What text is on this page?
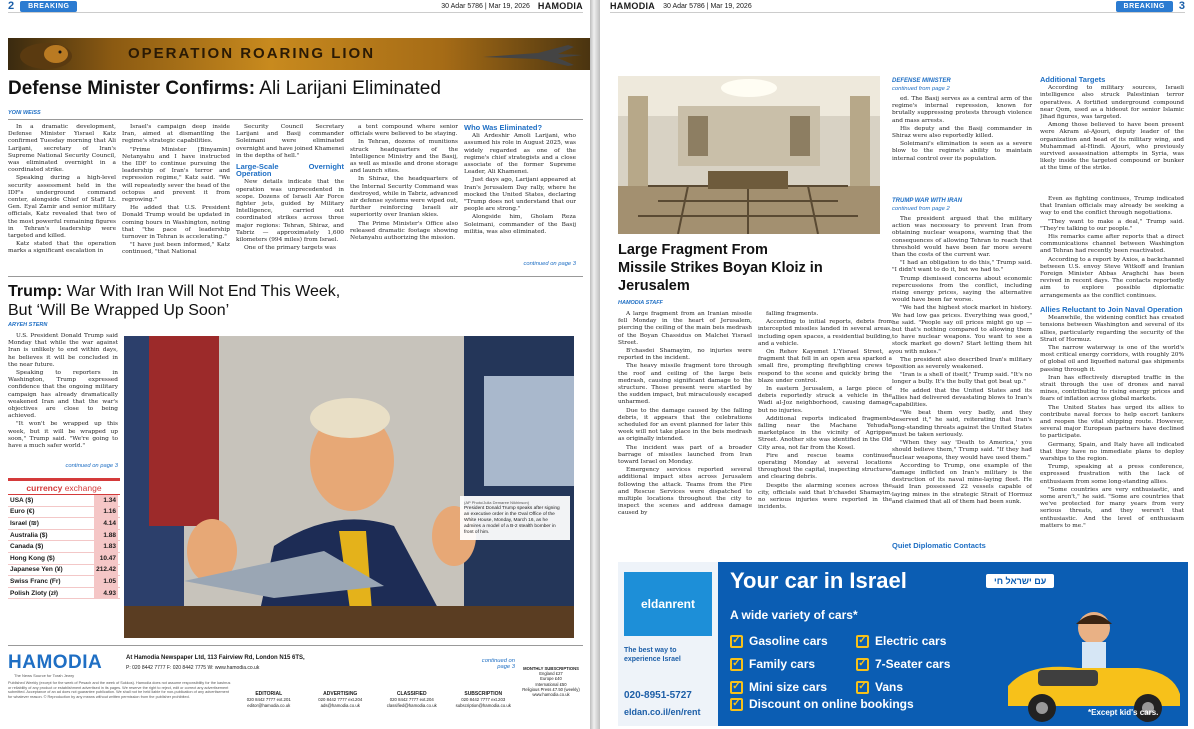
2	BREAKING	30 Adar 5786 | Mar 19, 2026 HAMODIA
OPERATION ROARING LION
Defense Minister Confirms: Ali Larijani Eliminated
YONI WEISS

In a dramatic development, Defense Minister Yisrael Katz confirmed Tuesday morning that Ali Larijani, secretary of Iran's Supreme National Security Council, was eliminated overnight in a coordinated strike.

Speaking during a high-level security assessment held in the IDF's underground command center, alongside Chief of Staff Lt. Gen. Eyal Zamir and senior military officials, Katz revealed that two of the most powerful remaining figures in Tehran's leadership were targeted and killed.

Katz stated that the operation marks a significant escalation in

Israel's campaign deep inside Iran, aimed at dismantling the regime's strategic capabilities.

"Prime Minister [Binyamin] Netanyahu and I have instructed the IDF to continue pursuing the leadership of Iran's terror and repression regime," Katz said. "We will repeatedly sever the head of the octopus and prevent it from regrowing."

He added that U.S. President Donald Trump would be updated in coming hours in Washington, noting that "the pace of leadership turnover in Tehran is accelerating."

"I have just been informed," Katz continued, "that National

Security Council Secretary Larijani and Basij commander Soleimani were eliminated overnight and have joined Khamenei in the depths of hell."

Large-Scale Overnight Operation

New details indicate that the operation was unprecedented in scope. Dozens of Israeli Air Force fighter jets, guided by Military Intelligence, carried out coordinated strikes across three major regions: Tehran, Shiraz, and Tabriz — approximately 1,600 kilometers (994 miles) from Israel.

One of the primary targets was

a tent compound where senior officials were believed to be staying.

In Tehran, dozens of munitions struck headquarters of the Intelligence Ministry and the Basij, as well as missile and drone storage and launch sites.

In Shiraz, the headquarters of the Internal Security Command was destroyed, while in Tabriz, advanced air defense systems were wiped out, further reinforcing Israeli air superiority over Iranian skies.

The Prime Minister's Office also released dramatic footage showing Netanyahu authorizing the mission.

Who Was Eliminated?

Ali Ardeshir Amoli Larijani, who assumed his role in August 2025, was widely regarded as one of the regime's chief strategists and a close associate of the former Supreme Leader, Ali Khamenei.

Just days ago, Larijani appeared at Iran's Jerusalem Day rally, where he mocked the United States, declaring "Trump does not understand that our people are strong."

Alongside him, Gholam Reza Soleimani, commander of the Basij militia, was also eliminated.

continued on page 3
Trump: War With Iran Will Not End This Week,
But ‘Will Be Wrapped Up Soon’
ARYEH STERN

U.S. President Donald Trump said Monday that while the war against Iran is unlikely to end within days, he believes it will be concluded in the near future.

Speaking to reporters in Washington, Trump expressed confidence that the ongoing military campaign has already dramatically weakened Iran and that the war's objectives are close to being achieved.

"It won't be wrapped up this week, but it will be wrapped up soon," Trump said. "We're going to have a much safer world."

continued on page 3
currency exchange
USA ($)	1.34
Euro (€)	1.16
Israel (₪)	4.14
Australia ($)	1.88
Canada ($)	1.83
Hong Kong ($)	10.47
Japanese Yen (¥)	212.42
Swiss Franc (Fr)	1.05
Polish Zloty (zł)	4.93
(AP Photo/Julia Demaree Nikhinson)
President Donald Trump speaks after signing an executive order in the Oval Office of the White House, Monday, March 16, as he admires a model of a B-2 stealth bomber in front of him.
HAMODIA
The News Source for Torah Jewry
At Hamodia Newspaper Ltd, 113 Fairview Rd, London N15 6TS,
P: 020 8442 7777 F: 020 8442 7775 W: www.hamodia.co.uk
Published Weekly (except for the week of Pesach and the week of Sukkos). Hamodia does not assume responsibility for the kashrus or reliability of any product or establishment advertised in its pages. We reserve the right to reject, edit or correct any advertisement submitted. Acceptance of an ad does not guarantee publication. We shall not be held liable for non-publication of any advertisement for whatever reason. © Reproduction by any means without written permission from the publisher prohibited.
continued on page 3
EDITORIAL
020 8442 7777 ext.201
editor@hamodia.co.uk
ADVERTISING
020 8442 7777 ext.204
ads@hamodia.co.uk
CLASSIFIED
020 8442 7777 ext.204
classified@hamodia.co.uk
SUBSCRIPTION
020 8442 7777 ext.203
subscription@hamodia.co.uk
MONTHLY SUBSCRIPTIONS
England £27
Europe £40
International £50
Religious Press £7.50 (weekly)
www.hamodia.co.uk
HAMODIA 30 Adar 5786 | Mar 19, 2026	BREAKING	3
Large Fragment From
Missile Strikes Boyan Kloiz in
Jerusalem
HAMODIA STAFF

A large fragment from an Iranian missile fell Monday in the heart of Jerusalem, piercing the ceiling of the main beis medrash of the Boyan Chassidus on Malchei Yisrael Street.

B'chasdei Shamayim, no injuries were reported in the incident.

The heavy missile fragment tore through the roof and ceiling of the large beis medrash, causing significant damage to the structure. Those present were startled by the sudden impact, but miraculously escaped unharmed.

Due to the damage caused by the falling debris, it appears that the celebrations scheduled for an event planned for later this week will not take place in the beis medrash as originally intended.

The incident was part of a broader barrage of missiles launched from Iran toward Israel on Monday.

Emergency services reported several additional impact sites across Jerusalem following the attack. Teams from the Fire and Rescue Services were dispatched to multiple locations throughout the city to inspect the scenes and address damage caused by

falling fragments.

According to initial reports, debris from intercepted missiles landed in several areas, including open spaces, a residential building, and a vehicle.

On Rehov Kayemet L'Yisrael Street, a fragment that fell in an open area sparked a small fire, prompting firefighting crews to respond to the scene and quickly bring the blaze under control.

In eastern Jerusalem, a large piece of debris reportedly struck a vehicle in the Wadi al-Joz neighborhood, causing damage but no injuries.

Additional reports indicated fragments falling near the Machane Yehudah marketplace in the vicinity of Agrippas Street. Another site was identified in the Old City area, not far from the Kosel.

Fire and rescue teams continued operating Monday at several locations throughout the capital, inspecting structures and clearing debris.

Despite the alarming scenes across the city, officials said that b'chasdei Shamayim, no serious injuries were reported in the incidents.

DEFENSE MINISTER
continued from page 2

ed. The Basij serves as a central arm of the regime's internal repression, known for brutally suppressing protests through violence and mass arrests.

His deputy and the Basij commander in Shiraz were also reportedly killed.

Soleimani's elimination is seen as a severe blow to the regime's ability to maintain internal control over its population.

TRUMP WAR WITH IRAN
continued from page 2

The president argued that the military action was necessary to prevent Iran from obtaining nuclear weapons, warning that the consequences of allowing Tehran to reach that threshold would have been far more severe than the costs of the current war.

"I had an obligation to do this," Trump said. "I didn't want to do it, but we had to."

Trump dismissed concerns about economic repercussions from the conflict, including rising energy prices, saying the alternative would have been far worse.

"We had the highest stock market in history. We had low gas prices. Everything was good," he said. "People say oil prices might go up — but that's nothing compared to allowing them to have nuclear weapons. You want to see a stock market go down? Start letting them hit you with nukes."

The president also described Iran's military position as severely weakened.

"Iran is a shell of itself," Trump said. "It's no longer a bully. It's the bully that got beat up."

He added that the United States and its allies had delivered devastating blows to Iran's capabilities.

"We beat them very badly, and they deserved it," he said, reiterating that Iran's long-standing threats against the United States must be taken seriously.

"When they say 'Death to America,' you should believe them," Trump said. "If they had nuclear weapons, they would have used them."

According to Trump, one example of the damage inflicted on Iran's military is the destruction of its naval mine-laying fleet. He said Iran possessed 22 vessels capable of laying mines in the strategic Strait of Hormuz and claimed that all of them had been sunk.

Quiet Diplomatic Contacts
Additional Targets

According to military sources, Israeli intelligence also struck Palestinian terror operatives. A fortified underground compound near Qom, used as a hideout for senior Islamic Jihad figures, was targeted.

Among those believed to have been present were Akram al-Ajouri, deputy leader of the organization and head of its military wing, and Muhammad al-Hindi. Ajouri, who previously survived assassination attempts in Syria, was likely inside the targeted compound or bunker at the time of the strike.

Even as fighting continues, Trump indicated that Iranian officials may already be seeking a way to end the conflict through negotiations.

"They want to make a deal," Trump said. "They're talking to our people."

His remarks came after reports that a direct communications channel between Washington and Tehran had recently been reactivated.

According to a report by Axios, a backchannel between U.S. envoy Steve Witkoff and Iranian Foreign Minister Abbas Araghchi has been revived in recent days. The contacts reportedly aim to explore possible diplomatic arrangements as the conflict continues.

Allies Reluctant to Join Naval Operation

Meanwhile, the widening conflict has created tensions between Washington and several of its allies, particularly regarding the security of the Strait of Hormuz.

The narrow waterway is one of the world's most critical energy corridors, with roughly 20% of global oil and liquefied natural gas shipments passing through it.

Iran has effectively disrupted traffic in the strait through the use of drones and naval mines, contributing to rising energy prices and fears of inflation across global markets.

The United States has urged its allies to contribute naval forces to help escort tankers and reopen the vital shipping route. However, several major European partners have declined to participate.

Germany, Spain, and Italy have all indicated that they have no immediate plans to deploy warships to the region.

Trump, speaking at a press conference, expressed frustration with the lack of enthusiasm from some long-standing allies.

"Some countries are very enthusiastic, and some aren't," he said. "Some are countries that we've protected for many years from very serious threats, and they weren't that enthusiastic. And the level of enthusiasm matters to me."

eldanrent
The best way to
experience Israel
020-8951-5727
eldan.co.il/en/rent
Your car in Israel	עם ישראל חי
A wide variety of cars*
✓ Gasoline cars
✓ Family cars
✓ Mini size cars
✓ Electric cars
✓ 7-Seater cars
✓ Vans
✓ Discount on online bookings
*Except kid's cars.
